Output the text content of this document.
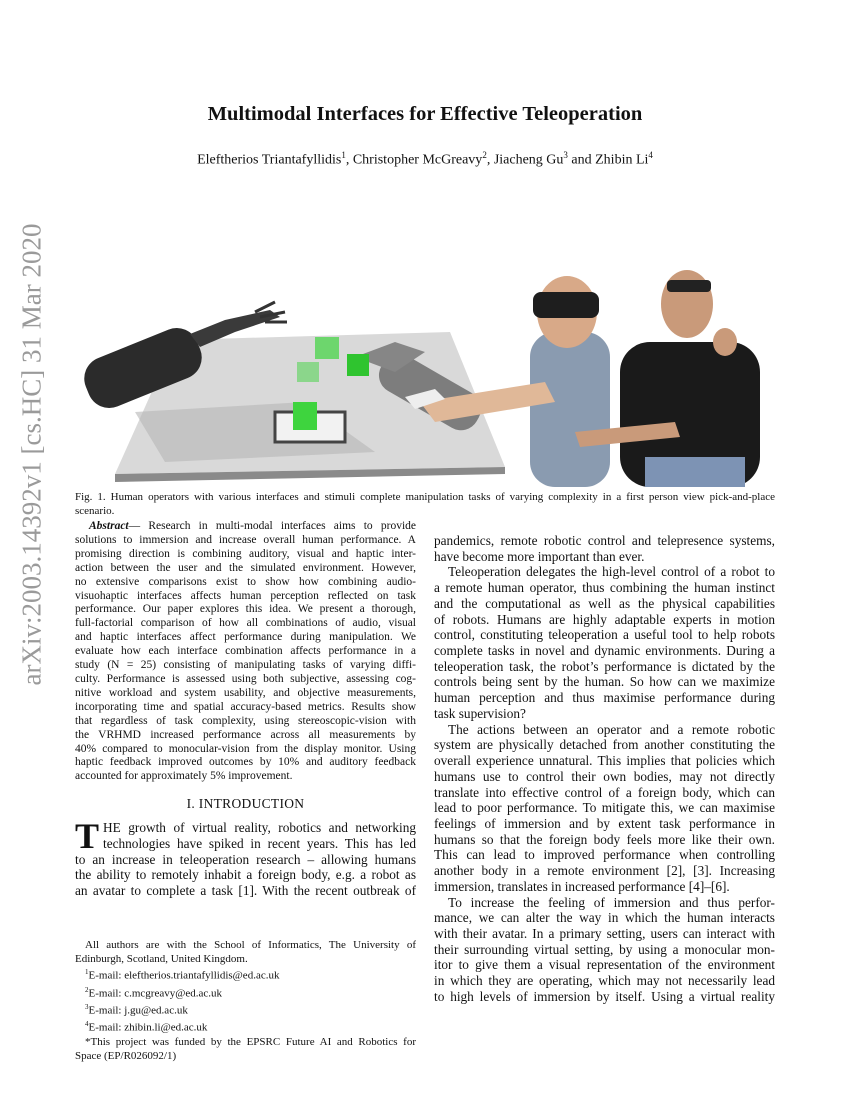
arXiv:2003.14392v1 [cs.HC] 31 Mar 2020
Multimodal Interfaces for Effective Teleoperation
Eleftherios Triantafyllidis$^1$, Christopher McGreavy$^2$, Jiacheng Gu$^3$ and Zhibin Li$^4$
Fig. 1. Human operators with various interfaces and stimuli complete manipulation tasks of varying complexity in a first person view pick-and-place
scenario.
Abstract— Research in multi-modal interfaces aims to provide
solutions to immersion and increase overall human performance. A
promising direction is combining auditory, visual and haptic inter-
action between the user and the simulated environment. However,
no extensive comparisons exist to show how combining audio-
visuohaptic interfaces affects human perception reflected on task
performance. Our paper explores this idea. We present a thorough,
full-factorial comparison of how all combinations of audio, visual
and haptic interfaces affect performance during manipulation. We
evaluate how each interface combination affects performance in a
study (N = 25) consisting of manipulating tasks of varying diffi-
culty. Performance is assessed using both subjective, assessing cog-
nitive workload and system usability, and objective measurements,
incorporating time and spatial accuracy-based metrics. Results show
that regardless of task complexity, using stereoscopic-vision with
the VRHMD increased performance across all measurements by
40% compared to monocular-vision from the display monitor. Using
haptic feedback improved outcomes by 10% and auditory feedback
accounted for approximately 5% improvement.
I. INTRODUCTION
T HE growth of virtual reality, robotics and networking
technologies have spiked in recent years. This has led
to an increase in teleoperation research – allowing humans
the ability to remotely inhabit a foreign body, e.g. a robot as
an avatar to complete a task [1]. With the recent outbreak of
All authors are with the School of Informatics, The University of
Edinburgh, Scotland, United Kingdom.
$^1$E-mail: eleftherios.triantafyllidis@ed.ac.uk
$^2$E-mail: c.mcgreavy@ed.ac.uk
$^3$E-mail: j.gu@ed.ac.uk
$^4$E-mail: zhibin.li@ed.ac.uk
*This project was funded by the EPSRC Future AI and Robotics for
Space (EP/R026092/1)
pandemics, remote robotic control and telepresence systems,
have become more important than ever.
Teleoperation delegates the high-level control of a robot to
a remote human operator, thus combining the human instinct
and the computational as well as the physical capabilities
of robots. Humans are highly adaptable experts in motion
control, constituting teleoperation a useful tool to help robots
complete tasks in novel and dynamic environments. During a
teleoperation task, the robot’s performance is dictated by the
controls being sent by the human. So how can we maximize
human perception and thus maximise performance during
task supervision?
The actions between an operator and a remote robotic
system are physically detached from another constituting the
overall experience unnatural. This implies that policies which
humans use to control their own bodies, may not directly
translate into effective control of a foreign body, which can
lead to poor performance. To mitigate this, we can maximise
feelings of immersion and by extent task performance in
humans so that the foreign body feels more like their own.
This can lead to improved performance when controlling
another body in a remote environment [2], [3]. Increasing
immersion, translates in increased performance [4]–[6].
To increase the feeling of immersion and thus perfor-
mance, we can alter the way in which the human interacts
with their avatar. In a primary setting, users can interact with
their surrounding virtual setting, by using a monocular mon-
itor to give them a visual representation of the environment
in which they are operating, which may not necessarily lead
to high levels of immersion by itself. Using a virtual reality
